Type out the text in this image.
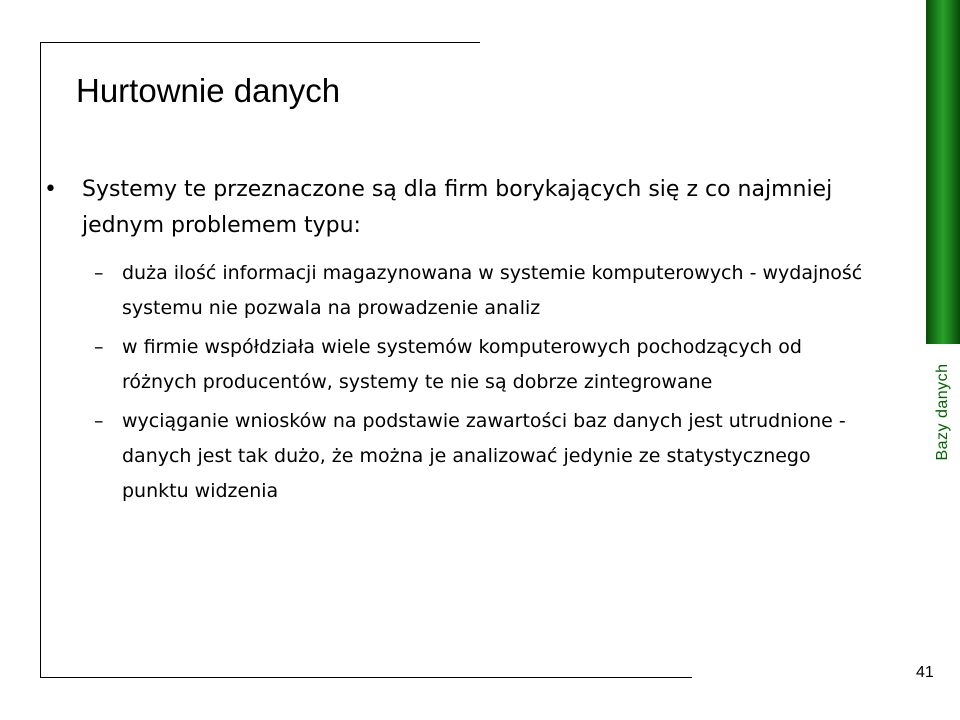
Bazy danych
Hurtownie danych
• Systemy te przeznaczone są dla firm borykających się z co najmniej jednym problemem typu:
– duża ilość informacji magazynowana w systemie komputerowych - wydajność systemu nie pozwala na prowadzenie analiz
– w firmie współdziała wiele systemów komputerowych pochodzących od różnych producentów, systemy te nie są dobrze zintegrowane
– wyciąganie wniosków na podstawie zawartości baz danych jest utrudnione - danych jest tak dużo, że można je analizować jedynie ze statystycznego punktu widzenia
41
